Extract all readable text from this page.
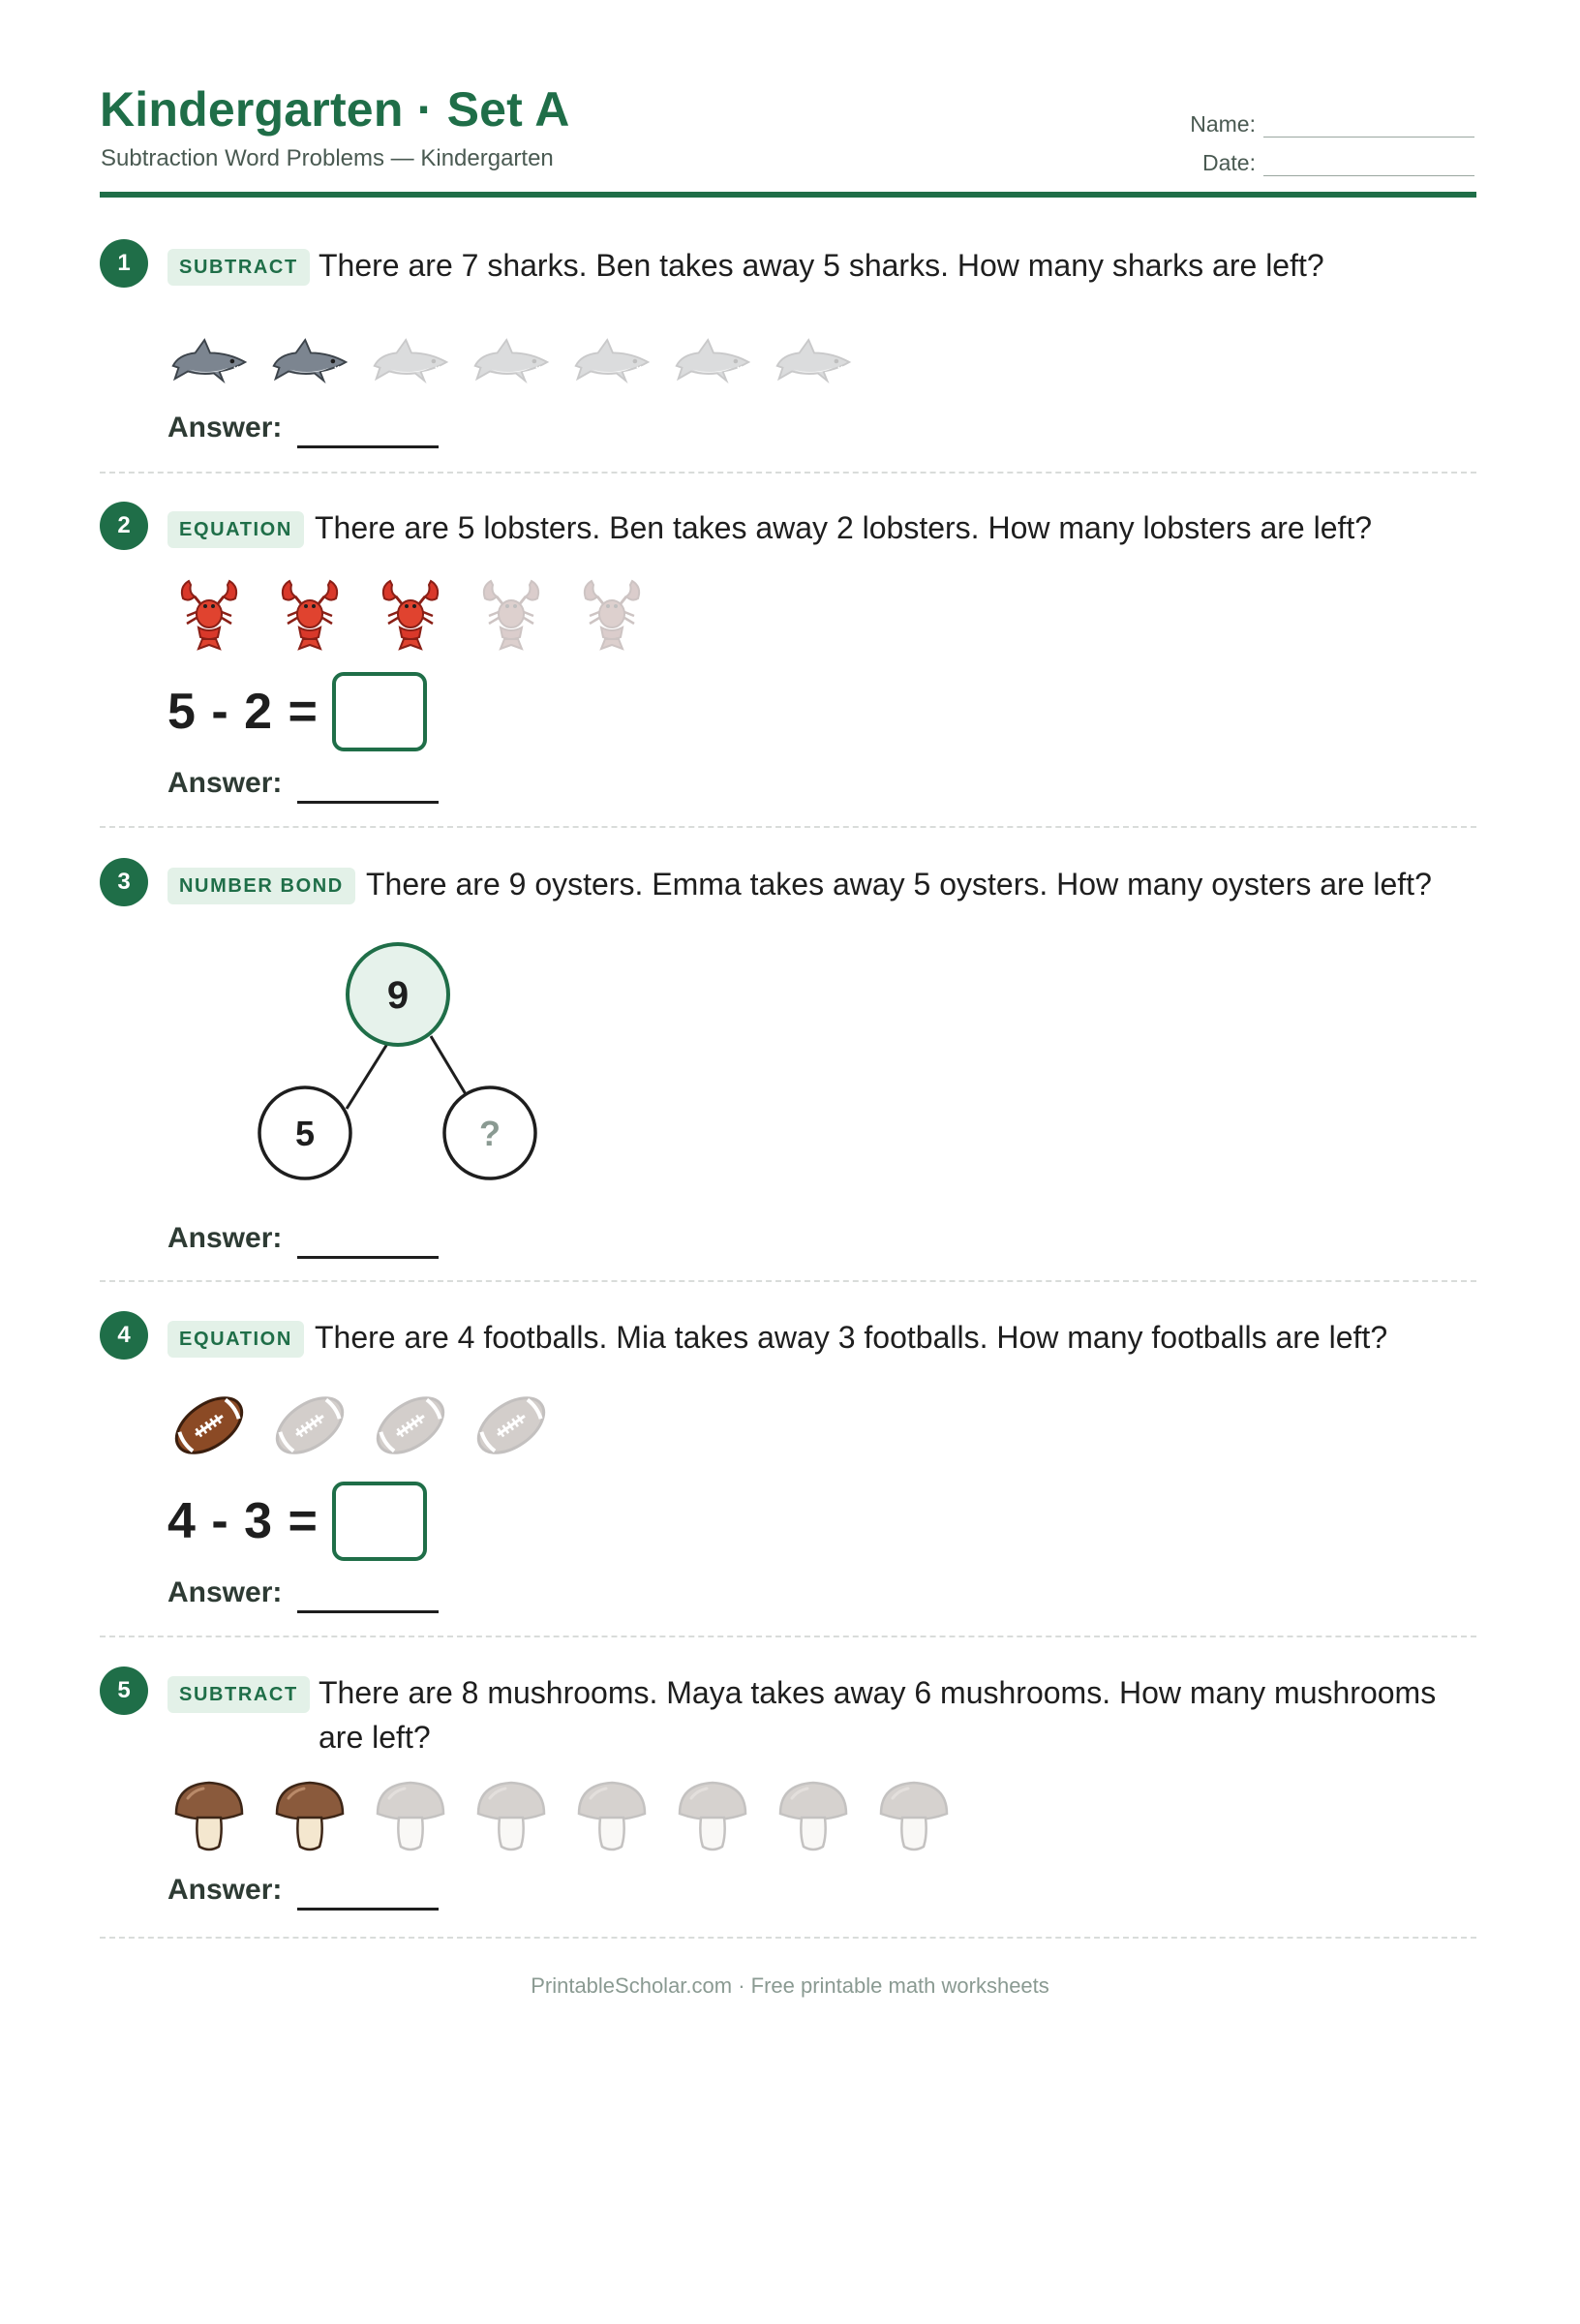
Kindergarten · Set A
Subtraction Word Problems — Kindergarten
Name:
Date:
1	SUBTRACT There are 7 sharks. Ben takes away 5 sharks. How many sharks are left?
Answer:
2	EQUATION There are 5 lobsters. Ben takes away 2 lobsters. How many lobsters are left?
5 - 2 =
Answer:
3	NUMBER BOND There are 9 oysters. Emma takes away 5 oysters. How many oysters are left?
Answer:
9
5	?
4	EQUATION There are 4 footballs. Mia takes away 3 footballs. How many footballs are left?
4 - 3 =
Answer:
5	SUBTRACT There are 8 mushrooms. Maya takes away 6 mushrooms. How many mushrooms are left?
Answer:
PrintableScholar.com · Free printable math worksheets
